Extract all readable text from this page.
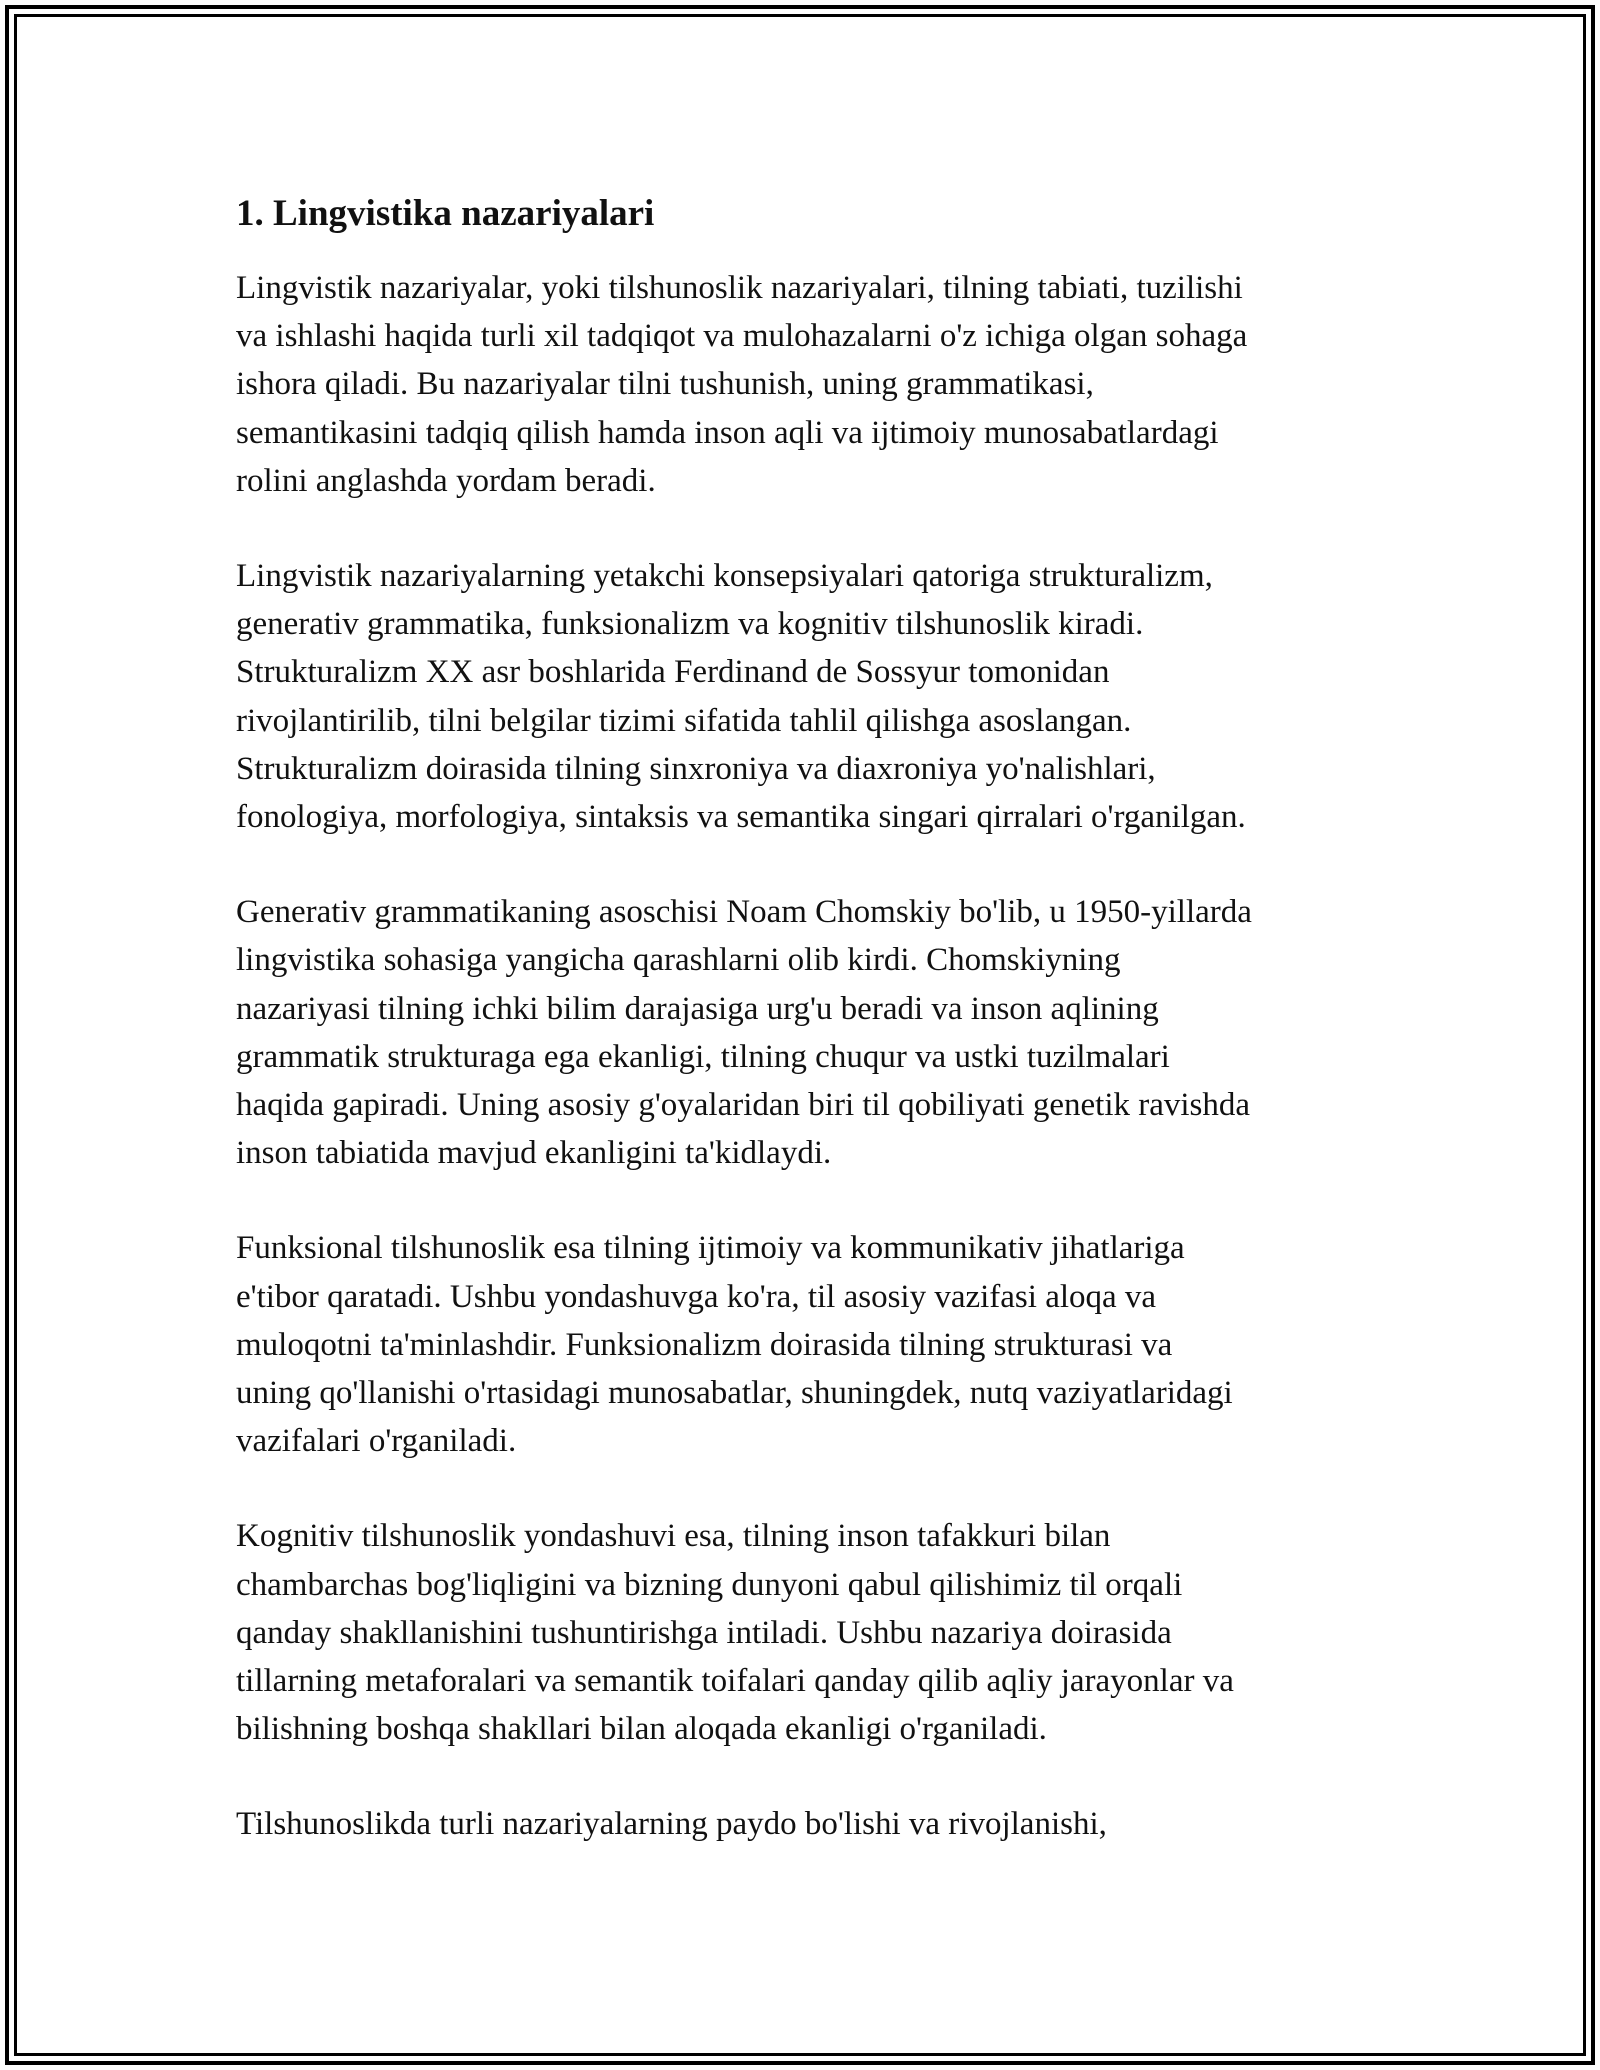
1. Lingvistika nazariyalari

Lingvistik nazariyalar, yoki tilshunoslik nazariyalari, tilning tabiati, tuzilishi
va ishlashi haqida turli xil tadqiqot va mulohazalarni o'z ichiga olgan sohaga
ishora qiladi. Bu nazariyalar tilni tushunish, uning grammatikasi,
semantikasini tadqiq qilish hamda inson aqli va ijtimoiy munosabatlardagi
rolini anglashda yordam beradi.

Lingvistik nazariyalarning yetakchi konsepsiyalari qatoriga strukturalizm,
generativ grammatika, funksionalizm va kognitiv tilshunoslik kiradi.
Strukturalizm XX asr boshlarida Ferdinand de Sossyur tomonidan
rivojlantirilib, tilni belgilar tizimi sifatida tahlil qilishga asoslangan.
Strukturalizm doirasida tilning sinxroniya va diaxroniya yo'nalishlari,
fonologiya, morfologiya, sintaksis va semantika singari qirralari o'rganilgan.

Generativ grammatikaning asoschisi Noam Chomskiy bo'lib, u 1950-yillarda
lingvistika sohasiga yangicha qarashlarni olib kirdi. Chomskiyning
nazariyasi tilning ichki bilim darajasiga urg'u beradi va inson aqlining
grammatik strukturaga ega ekanligi, tilning chuqur va ustki tuzilmalari
haqida gapiradi. Uning asosiy g'oyalaridan biri til qobiliyati genetik ravishda
inson tabiatida mavjud ekanligini ta'kidlaydi.

Funksional tilshunoslik esa tilning ijtimoiy va kommunikativ jihatlariga
e'tibor qaratadi. Ushbu yondashuvga ko'ra, til asosiy vazifasi aloqa va
muloqotni ta'minlashdir. Funksionalizm doirasida tilning strukturasi va
uning qo'llanishi o'rtasidagi munosabatlar, shuningdek, nutq vaziyatlaridagi
vazifalari o'rganiladi.

Kognitiv tilshunoslik yondashuvi esa, tilning inson tafakkuri bilan
chambarchas bog'liqligini va bizning dunyoni qabul qilishimiz til orqali
qanday shakllanishini tushuntirishga intiladi. Ushbu nazariya doirasida
tillarning metaforalari va semantik toifalari qanday qilib aqliy jarayonlar va
bilishning boshqa shakllari bilan aloqada ekanligi o'rganiladi.

Tilshunoslikda turli nazariyalarning paydo bo'lishi va rivojlanishi,
